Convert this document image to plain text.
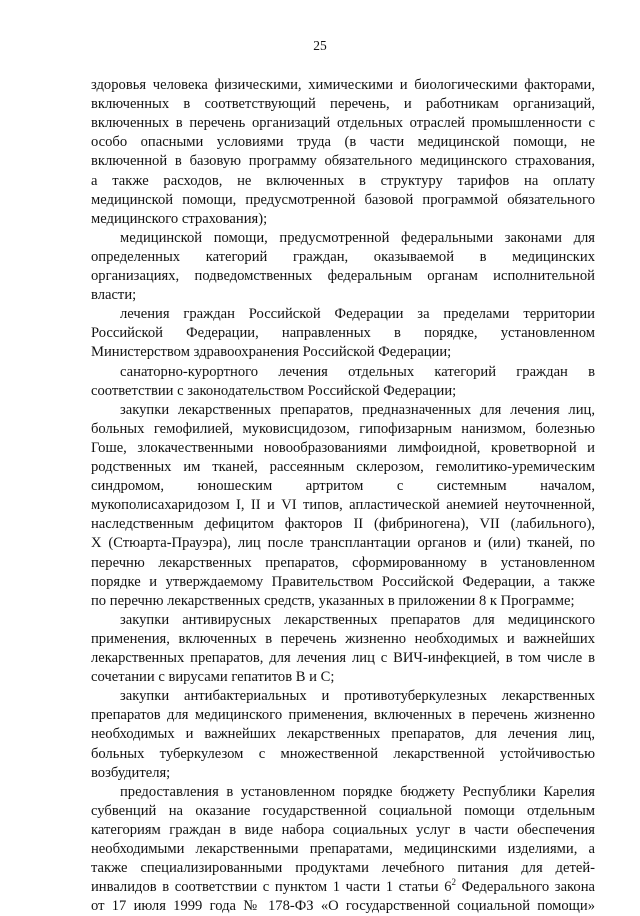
25
здоровья человека физическими, химическими и биологическими факторами,
включенных в соответствующий перечень, и работникам организаций,
включенных в перечень организаций отдельных отраслей промышленности с
особо опасными условиями труда (в части медицинской помощи, не
включенной в базовую программу обязательного медицинского страхования,
а также расходов, не включенных в структуру тарифов на оплату
медицинской помощи, предусмотренной базовой программой обязательного
медицинского страхования);
медицинской помощи, предусмотренной федеральными законами для
определенных категорий граждан, оказываемой в медицинских
организациях, подведомственных федеральным органам исполнительной
власти;
лечения граждан Российской Федерации за пределами территории
Российской Федерации, направленных в порядке, установленном
Министерством здравоохранения Российской Федерации;
санаторно-курортного лечения отдельных категорий граждан в
соответствии с законодательством Российской Федерации;
закупки лекарственных препаратов, предназначенных для лечения лиц,
больных гемофилией, муковисцидозом, гипофизарным нанизмом, болезнью
Гоше, злокачественными новообразованиями лимфоидной, кроветворной и
родственных им тканей, рассеянным склерозом, гемолитико-уремическим
синдромом, юношеским артритом с системным началом,
мукополисахаридозом I, II и VI типов, апластической анемией неуточненной,
наследственным дефицитом факторов II (фибриногена), VII (лабильного),
X (Стюарта-Прауэра), лиц после трансплантации органов и (или) тканей, по
перечню лекарственных препаратов, сформированному в установленном
порядке и утверждаемому Правительством Российской Федерации, а также
по перечню лекарственных средств, указанных в приложении 8 к Программе;
закупки антивирусных лекарственных препаратов для медицинского
применения, включенных в перечень жизненно необходимых и важнейших
лекарственных препаратов, для лечения лиц с ВИЧ-инфекцией, в том числе в
сочетании с вирусами гепатитов В и С;
закупки антибактериальных и противотуберкулезных лекарственных
препаратов для медицинского применения, включенных в перечень жизненно
необходимых и важнейших лекарственных препаратов, для лечения лиц,
больных туберкулезом с множественной лекарственной устойчивостью
возбудителя;
предоставления в установленном порядке бюджету Республики Карелия
субвенций на оказание государственной социальной помощи отдельным
категориям граждан в виде набора социальных услуг в части обеспечения
необходимыми лекарственными препаратами, медицинскими изделиями, а
также специализированными продуктами лечебного питания для детей-
инвалидов в соответствии с пунктом 1 части 1 статьи $6^2$ Федерального закона
от 17 июля 1999 года № 178-ФЗ «О государственной социальной помощи»
